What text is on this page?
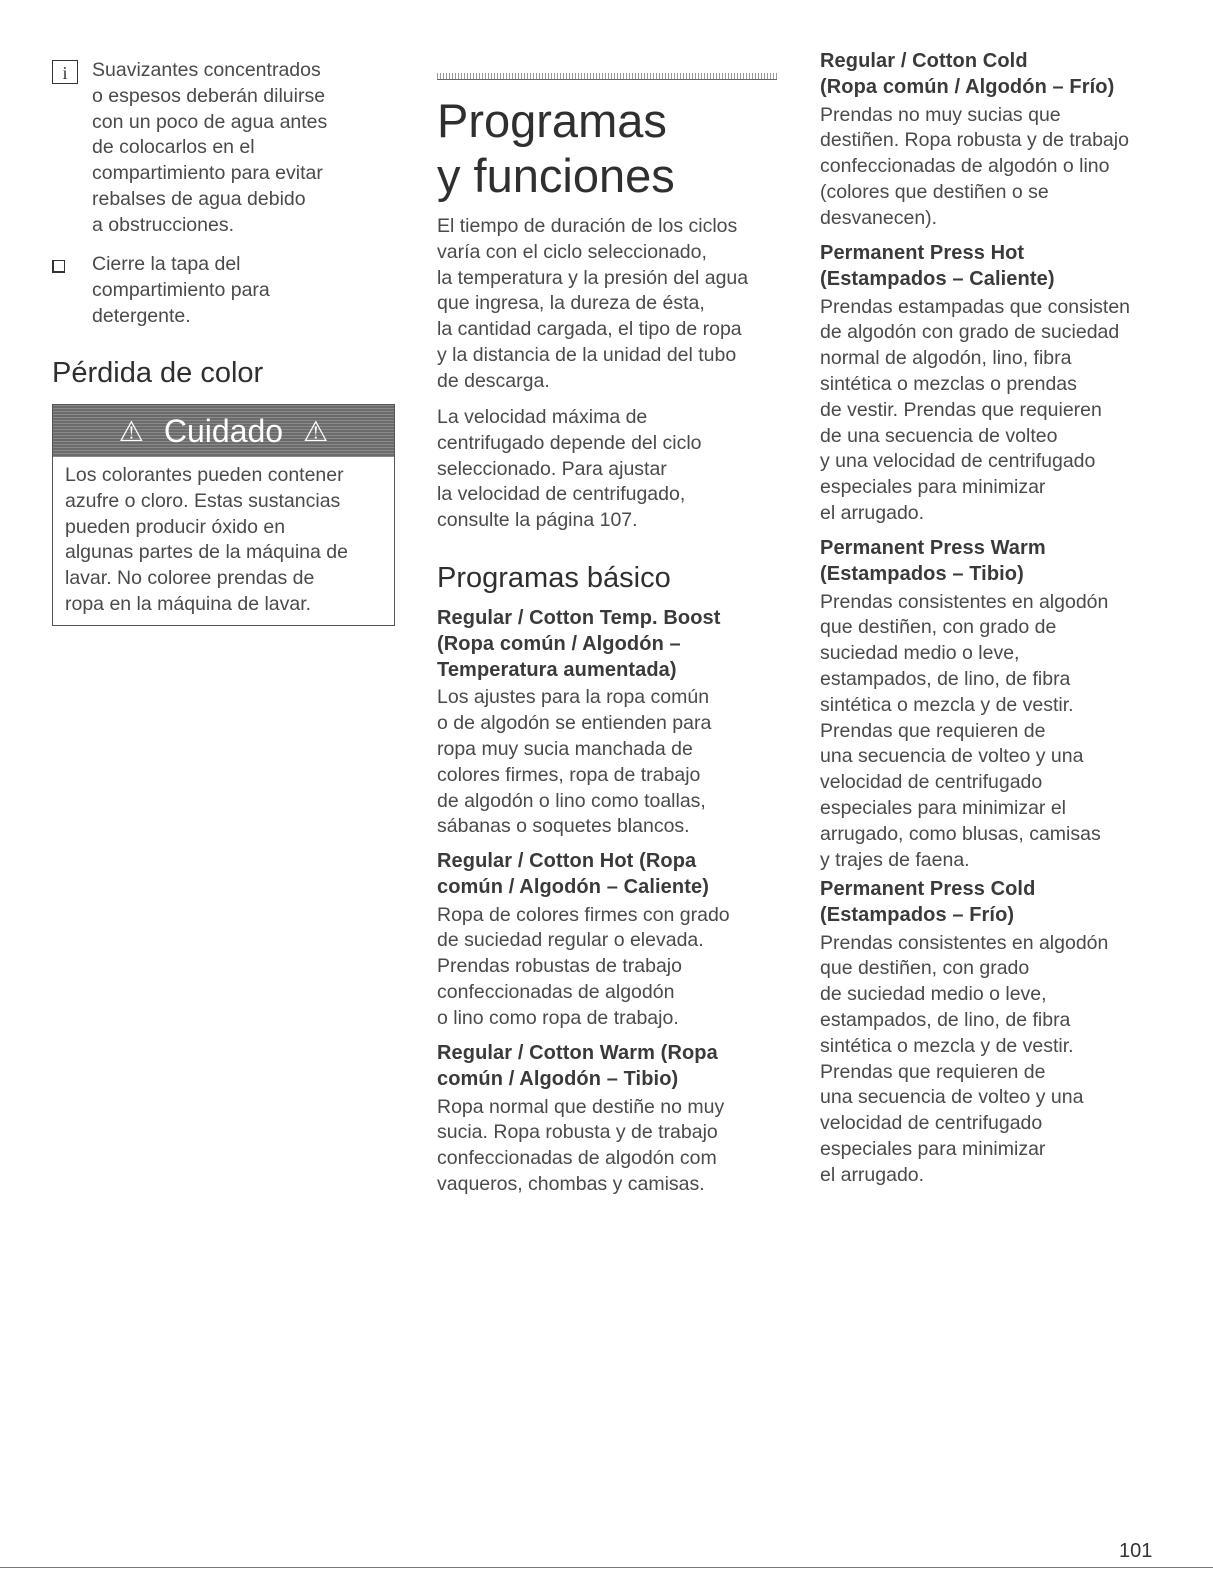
i	Suavizantes concentrados
o espesos deberán diluirse
con un poco de agua antes
de colocarlos en el
compartimiento para evitar
rebalses de agua debido
a obstrucciones.

Cierre la tapa del
compartimiento para
detergente.

Pérdida de color
⚠ Cuidado ⚠

Los colorantes pueden contener
azufre o cloro. Estas sustancias
pueden producir óxido en
algunas partes de la máquina de
lavar. No coloree prendas de
ropa en la máquina de lavar.

Programas
y funciones

El tiempo de duración de los ciclos
varía con el ciclo seleccionado,
la temperatura y la presión del agua
que ingresa, la dureza de ésta,
la cantidad cargada, el tipo de ropa
y la distancia de la unidad del tubo
de descarga.

La velocidad máxima de
centrifugado depende del ciclo
seleccionado. Para ajustar
la velocidad de centrifugado,
consulte la página 107.

Programas básico
Regular / Cotton Temp. Boost
(Ropa común / Algodón –
Temperatura aumentada)

Los ajustes para la ropa común
o de algodón se entienden para
ropa muy sucia manchada de
colores firmes, ropa de trabajo
de algodón o lino como toallas,
sábanas o soquetes blancos.

Regular / Cotton Hot (Ropa
común / Algodón – Caliente)

Ropa de colores firmes con grado
de suciedad regular o elevada.
Prendas robustas de trabajo
confeccionadas de algodón
o lino como ropa de trabajo.

Regular / Cotton Warm (Ropa
común / Algodón – Tibio)

Ropa normal que destiñe no muy
sucia. Ropa robusta y de trabajo
confeccionadas de algodón com
vaqueros, chombas y camisas.

Regular / Cotton Cold
(Ropa común / Algodón – Frío)

Prendas no muy sucias que
destiñen. Ropa robusta y de trabajo
confeccionadas de algodón o lino
(colores que destiñen o se
desvanecen).

Permanent Press Hot
(Estampados – Caliente)

Prendas estampadas que consisten
de algodón con grado de suciedad
normal de algodón, lino, fibra
sintética o mezclas o prendas
de vestir. Prendas que requieren
de una secuencia de volteo
y una velocidad de centrifugado
especiales para minimizar
el arrugado.

Permanent Press Warm
(Estampados – Tibio)

Prendas consistentes en algodón
que destiñen, con grado de
suciedad medio o leve,
estampados, de lino, de fibra
sintética o mezcla y de vestir.
Prendas que requieren de
una secuencia de volteo y una
velocidad de centrifugado
especiales para minimizar el
arrugado, como blusas, camisas
y trajes de faena.

Permanent Press Cold
(Estampados – Frío)

Prendas consistentes en algodón
que destiñen, con grado
de suciedad medio o leve,
estampados, de lino, de fibra
sintética o mezcla y de vestir.
Prendas que requieren de
una secuencia de volteo y una
velocidad de centrifugado
especiales para minimizar
el arrugado.

101
